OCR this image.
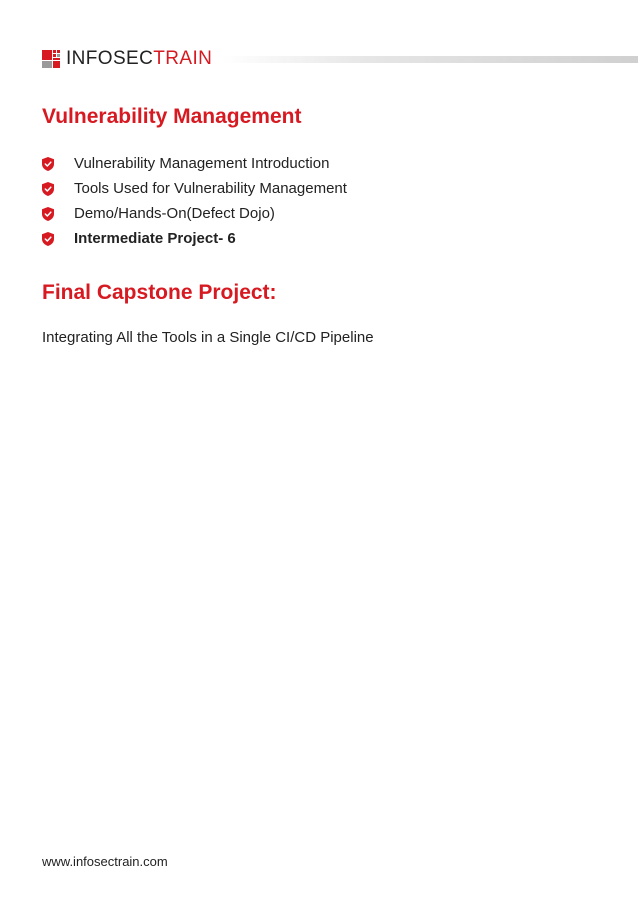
INFOSECTRAIN
Vulnerability Management
Vulnerability Management Introduction
Tools Used for Vulnerability Management
Demo/Hands-On(Defect Dojo)
Intermediate Project- 6
Final Capstone Project:

Integrating All the Tools in a Single CI/CD Pipeline

www.infosectrain.com
